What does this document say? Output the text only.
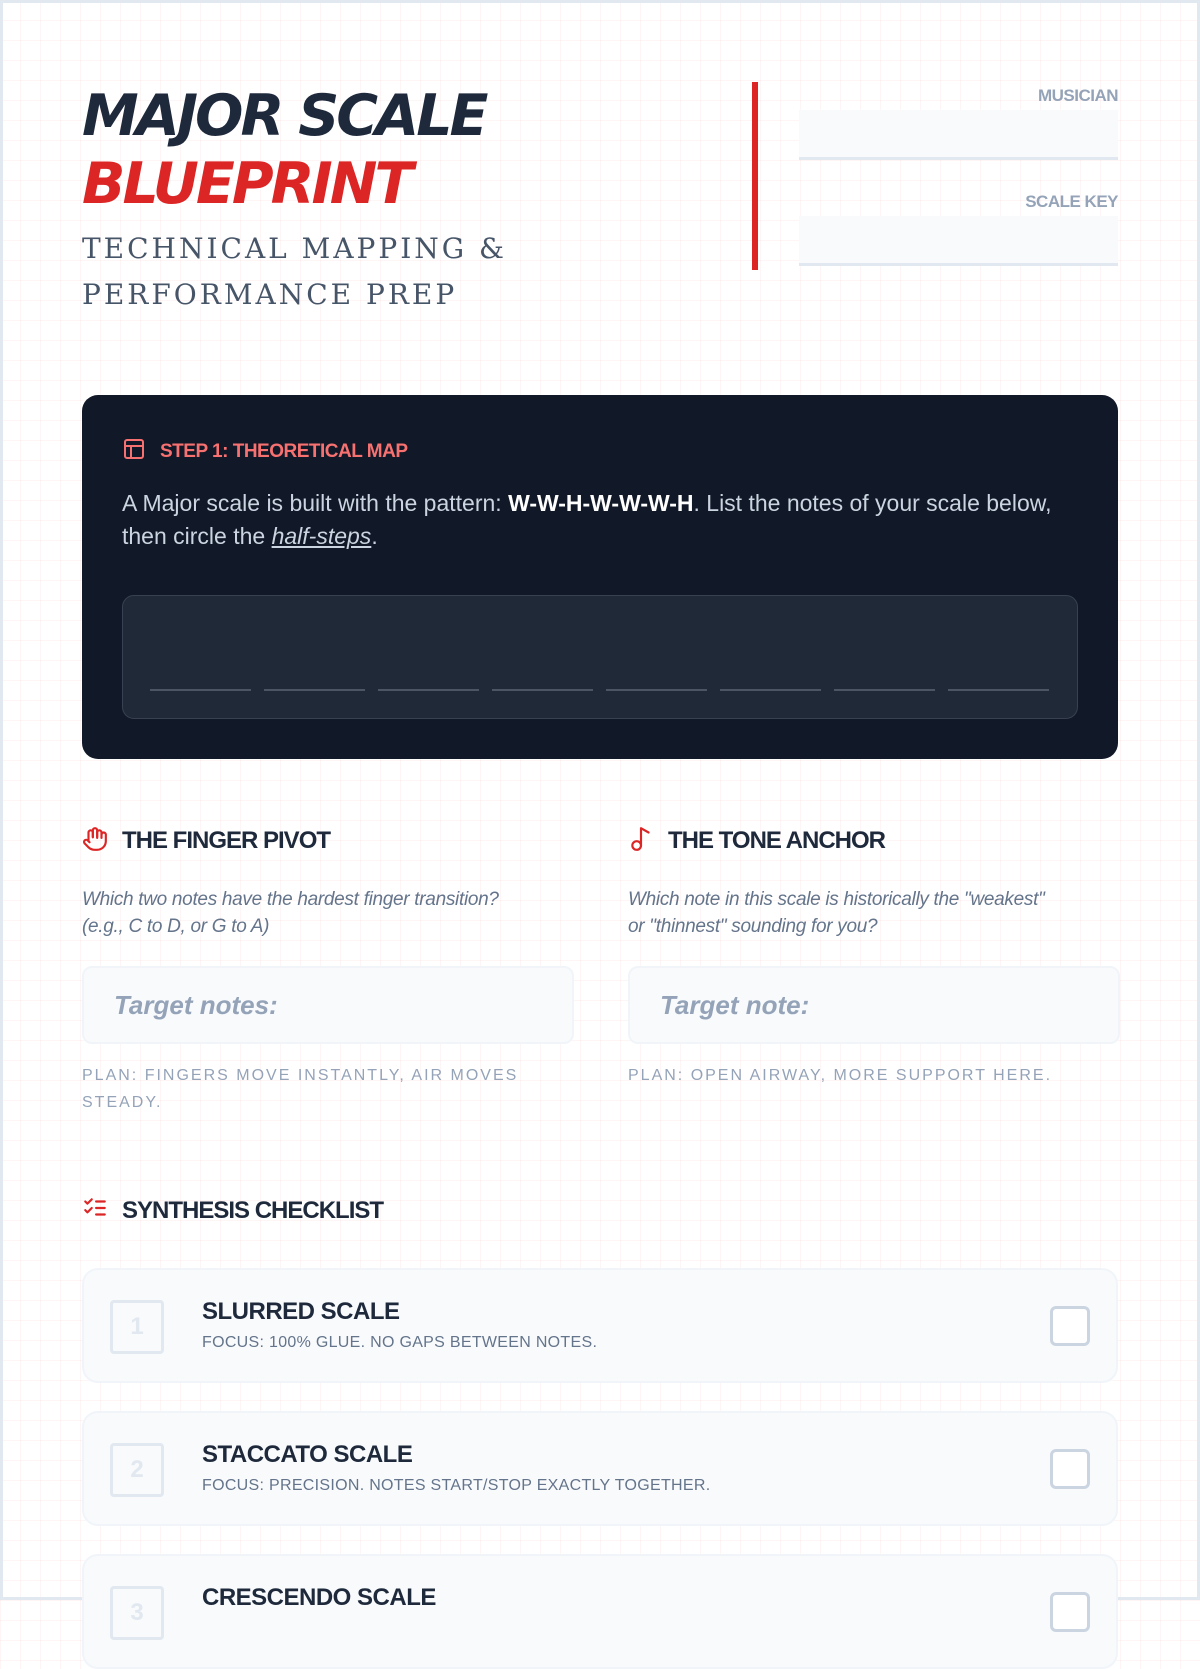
MAJOR SCALE
BLUEPRINT
TECHNICAL MAPPING &
PERFORMANCE PREP
MUSICIAN
SCALE KEY
STEP 1: THEORETICAL MAP
A Major scale is built with the pattern: W-W-H-W-W-W-H. List the notes of your scale below, then circle the half-steps.
THE FINGER PIVOT
Which two notes have the hardest finger transition?
(e.g., C to D, or G to A)
Target notes:
PLAN: FINGERS MOVE INSTANTLY, AIR MOVES
STEADY.
THE TONE ANCHOR
Which note in this scale is historically the "weakest"
or "thinnest" sounding for you?
Target note:
PLAN: OPEN AIRWAY, MORE SUPPORT HERE.
SYNTHESIS CHECKLIST
1
SLURRED SCALE
FOCUS: 100% GLUE. NO GAPS BETWEEN NOTES.
2
STACCATO SCALE
FOCUS: PRECISION. NOTES START/STOP EXACTLY TOGETHER.
3
CRESCENDO SCALE
